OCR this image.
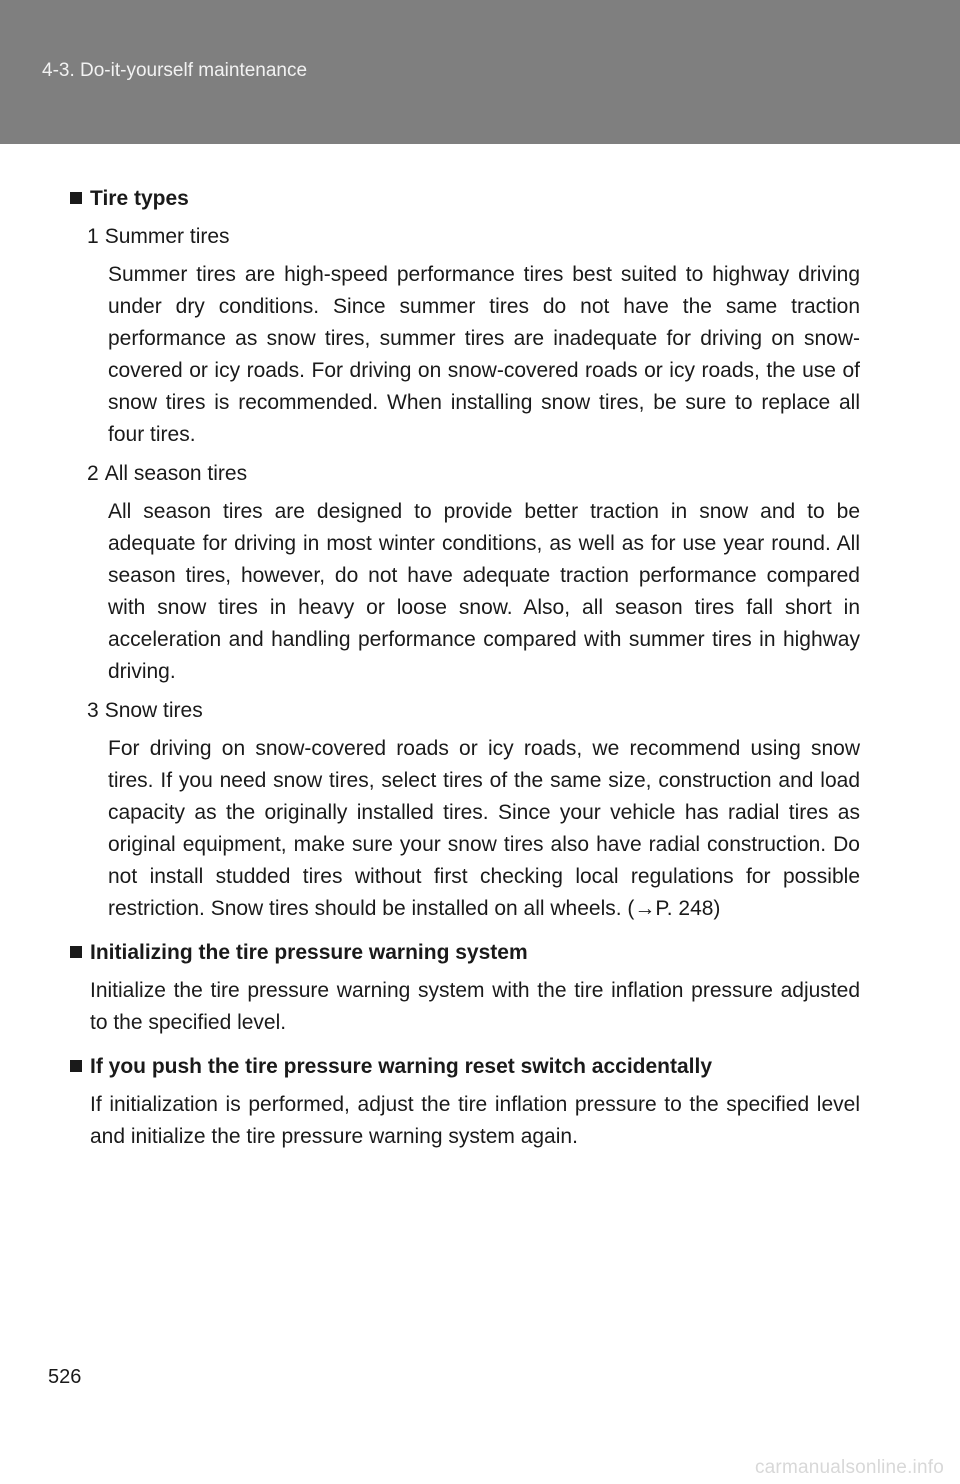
4-3. Do-it-yourself maintenance
Tire types
1 Summer tires
Summer tires are high-speed performance tires best suited to highway driving under dry conditions. Since summer tires do not have the same traction performance as snow tires, summer tires are inadequate for driving on snow-covered or icy roads. For driving on snow-covered roads or icy roads, the use of snow tires is recommended. When installing snow tires, be sure to replace all four tires.
2 All season tires
All season tires are designed to provide better traction in snow and to be adequate for driving in most winter conditions, as well as for use year round. All season tires, however, do not have adequate traction performance compared with snow tires in heavy or loose snow. Also, all season tires fall short in acceleration and handling performance compared with summer tires in highway driving.
3 Snow tires
For driving on snow-covered roads or icy roads, we recommend using snow tires. If you need snow tires, select tires of the same size, construction and load capacity as the originally installed tires. Since your vehicle has radial tires as original equipment, make sure your snow tires also have radial construction. Do not install studded tires without first checking local regulations for possible restriction. Snow tires should be installed on all wheels. (→P. 248)
Initializing the tire pressure warning system
Initialize the tire pressure warning system with the tire inflation pressure adjusted to the specified level.
If you push the tire pressure warning reset switch accidentally
If initialization is performed, adjust the tire inflation pressure to the specified level and initialize the tire pressure warning system again.
526
carmanualsonline.info
